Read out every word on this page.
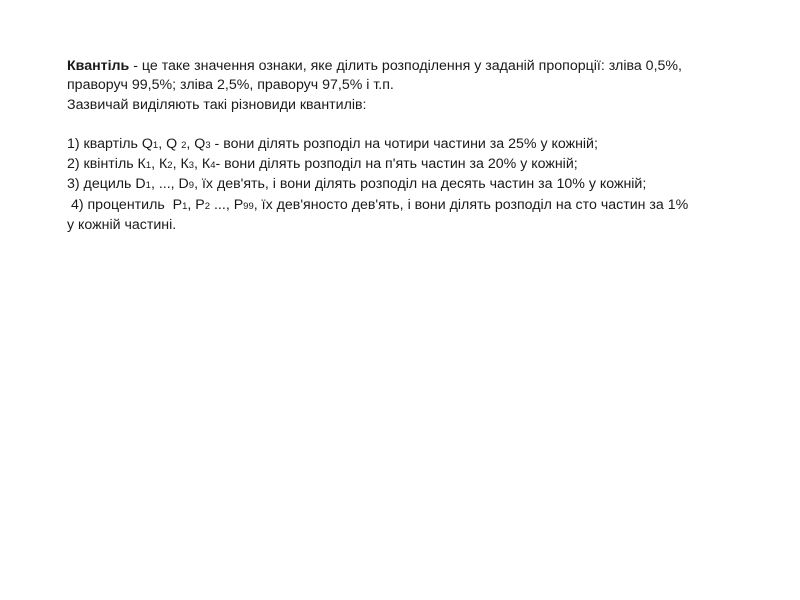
Квантіль - це таке значення ознаки, яке ділить розподілення у заданій пропорції: зліва 0,5%,

праворуч 99,5%; зліва 2,5%, праворуч 97,5% і т.п.

Зазвичай виділяють такі різновиди квантилів:

1) квартіль Q1, Q 2, Q3 - вони ділять розподіл на чотири частини за 25% у кожній;

2) квінтіль К1, К2, К3, К4- вони ділять розподіл на п'ять частин за 20% у кожній;

3) дециль D1, ..., D9, їх дев'ять, і вони ділять розподіл на десять частин за 10% у кожній;

4) процентиль  Р1, Р2 ..., Р99, їх дев'яносто дев'ять, і вони ділять розподіл на сто частин за 1%

у кожній частині.
